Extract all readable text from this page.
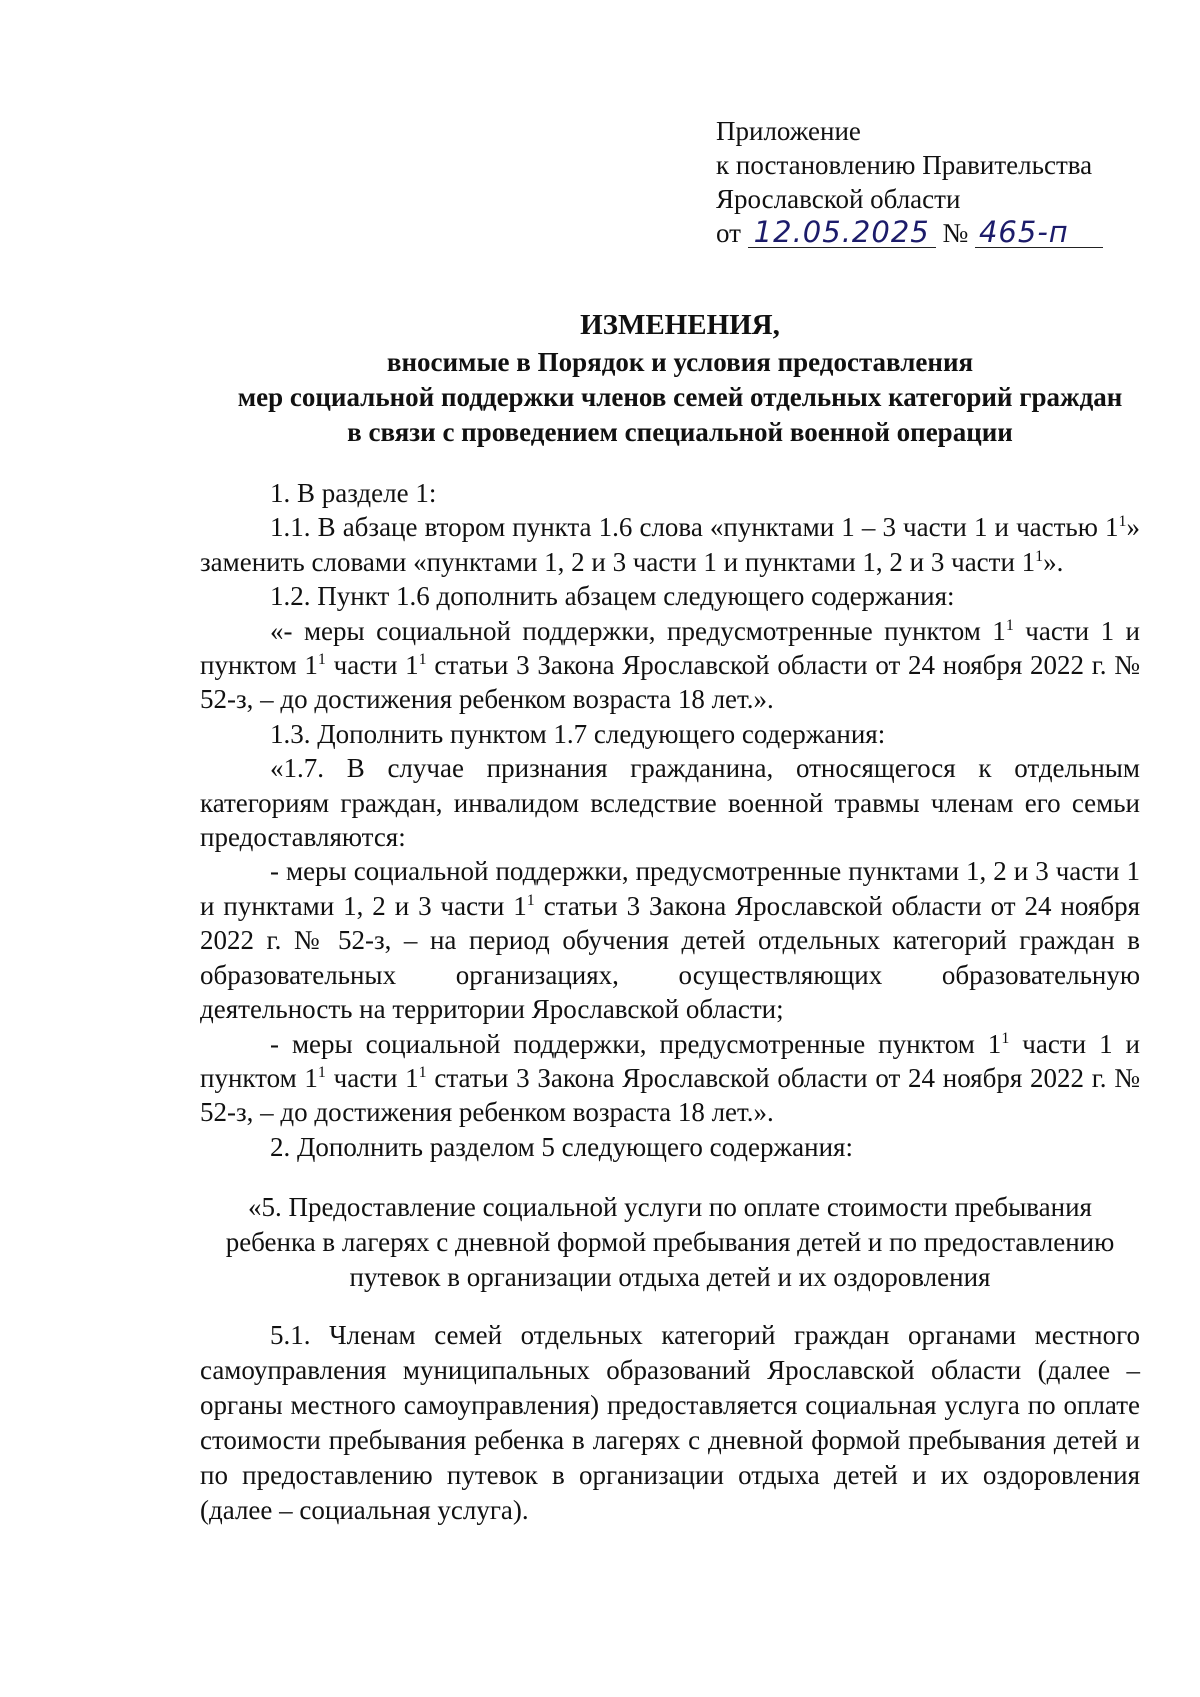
Приложение
к постановлению Правительства
Ярославской области
от 12.05.2025 № 465-п
ИЗМЕНЕНИЯ,
вносимые в Порядок и условия предоставления
мер социальной поддержки членов семей отдельных категорий граждан
в связи с проведением специальной военной операции

1. В разделе 1:

1.1. В абзаце втором пункта 1.6 слова «пунктами 1 – 3 части 1 и частью $1^1$» заменить словами «пунктами 1, 2 и 3 части 1 и пунктами 1, 2 и 3 части $1^1$».

1.2. Пункт 1.6 дополнить абзацем следующего содержания:

«- меры социальной поддержки, предусмотренные пунктом $1^1$ части 1 и пунктом $1^1$ части $1^1$ статьи 3 Закона Ярославской области от 24 ноября 2022 г. № 52-з, – до достижения ребенком возраста 18 лет.».

1.3. Дополнить пунктом 1.7 следующего содержания:

«1.7. В случае признания гражданина, относящегося к отдельным категориям граждан, инвалидом вследствие военной травмы членам его семьи предоставляются:

- меры социальной поддержки, предусмотренные пунктами 1, 2 и 3 части 1 и пунктами 1, 2 и 3 части $1^1$ статьи 3 Закона Ярославской области от 24 ноября 2022 г. № 52-з, – на период обучения детей отдельных категорий граждан в образовательных организациях, осуществляющих образовательную деятельность на территории Ярославской области;

- меры социальной поддержки, предусмотренные пунктом $1^1$ части 1 и пунктом $1^1$ части $1^1$ статьи 3 Закона Ярославской области от 24 ноября 2022 г. № 52-з, – до достижения ребенком возраста 18 лет.».

2. Дополнить разделом 5 следующего содержания:

«5. Предоставление социальной услуги по оплате стоимости пребывания
ребенка в лагерях с дневной формой пребывания детей и по предоставлению
путевок в организации отдыха детей и их оздоровления

5.1. Членам семей отдельных категорий граждан органами местного самоуправления муниципальных образований Ярославской области (далее – органы местного самоуправления) предоставляется социальная услуга по оплате стоимости пребывания ребенка в лагерях с дневной формой пребывания детей и по предоставлению путевок в организации отдыха детей и их оздоровления (далее – социальная услуга).
